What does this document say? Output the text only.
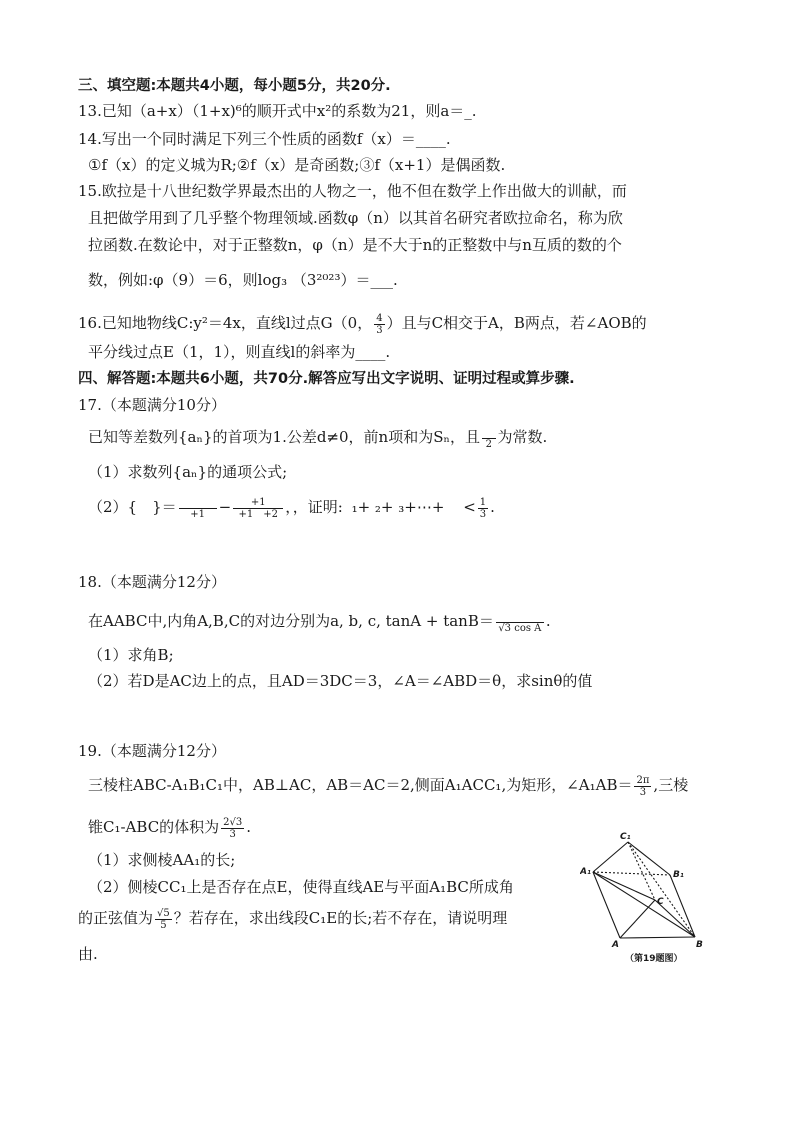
三、填空题:本题共4小题，每小题5分，共20分.
13.已知（a+x）（1+x)⁶的顺开式中x²的系数为21，则a＝_.
14.写出一个同时满足下列三个性质的函数f（x）＝____.
①f（x）的定义城为R;②f（x）是奇函数;③f（x+1）是偶函数.
15.欧拉是十八世纪数学界最杰出的人物之一，他不但在数学上作出做大的训献，而
且把做学用到了几乎整个物理领域.函数φ（n）以其首名研究者欧拉命名，称为欣
拉函数.在数论中，对于正整数n，φ（n）是不大于n的正整数中与n互质的数的个
数，例如:φ（9）＝6，则log₃ （3²⁰²³）＝___.
16.已知地物线C:y²＝4x，直线l过点G（0， $\frac{4}{3}$ ）且与C相交于A，B两点，若∠AOB的
平分线过点E（1，1），则直线l的斜率为____.
四、解答题:本题共6小题，共70分.解答应写出文字说明、证明过程或算步骤.
17.（本题满分10分）
已知等差数列{aₙ}的首项为1.公差d≠0，前n项和为Sₙ，且
2 为常数.
（1）求数列{aₙ}的通项公式;
（2）{　}＝
	$+1 - \frac{+1}{+1 +2}$ ，，证明: ₁+ ₂+ ₃+⋯+ < $\frac{1}{3}$ .
18.（本题满分12分）
在AABC中,内角A,B,C的对边分别为a, b, c, tanA + tanB＝
√3 cos A .
（1）求角B;
（2）若D是AC边上的点，且AD＝3DC＝3，∠A＝∠ABD＝θ，求sinθ的值
19.（本题满分12分）
三棱柱ABC-A₁B₁C₁中，AB⊥AC，AB＝AC＝2,侧面A₁ACC₁,为矩形，∠A₁AB＝ $\frac{2\pi}{3}$ ,三棱
锥C₁-ABC的体积为 $\frac{2√3}{3}$ .
（1）求侧棱AA₁的长;
（2）侧棱CC₁上是否存在点E，使得直线AE与平面A₁BC所成角
的正弦值为 $\frac{√5}{5}$ ？若存在，求出线段C₁E的长;若不存在，请说明理
由.
C₁
A₁	B₁
C
A	B
（第19题图）
